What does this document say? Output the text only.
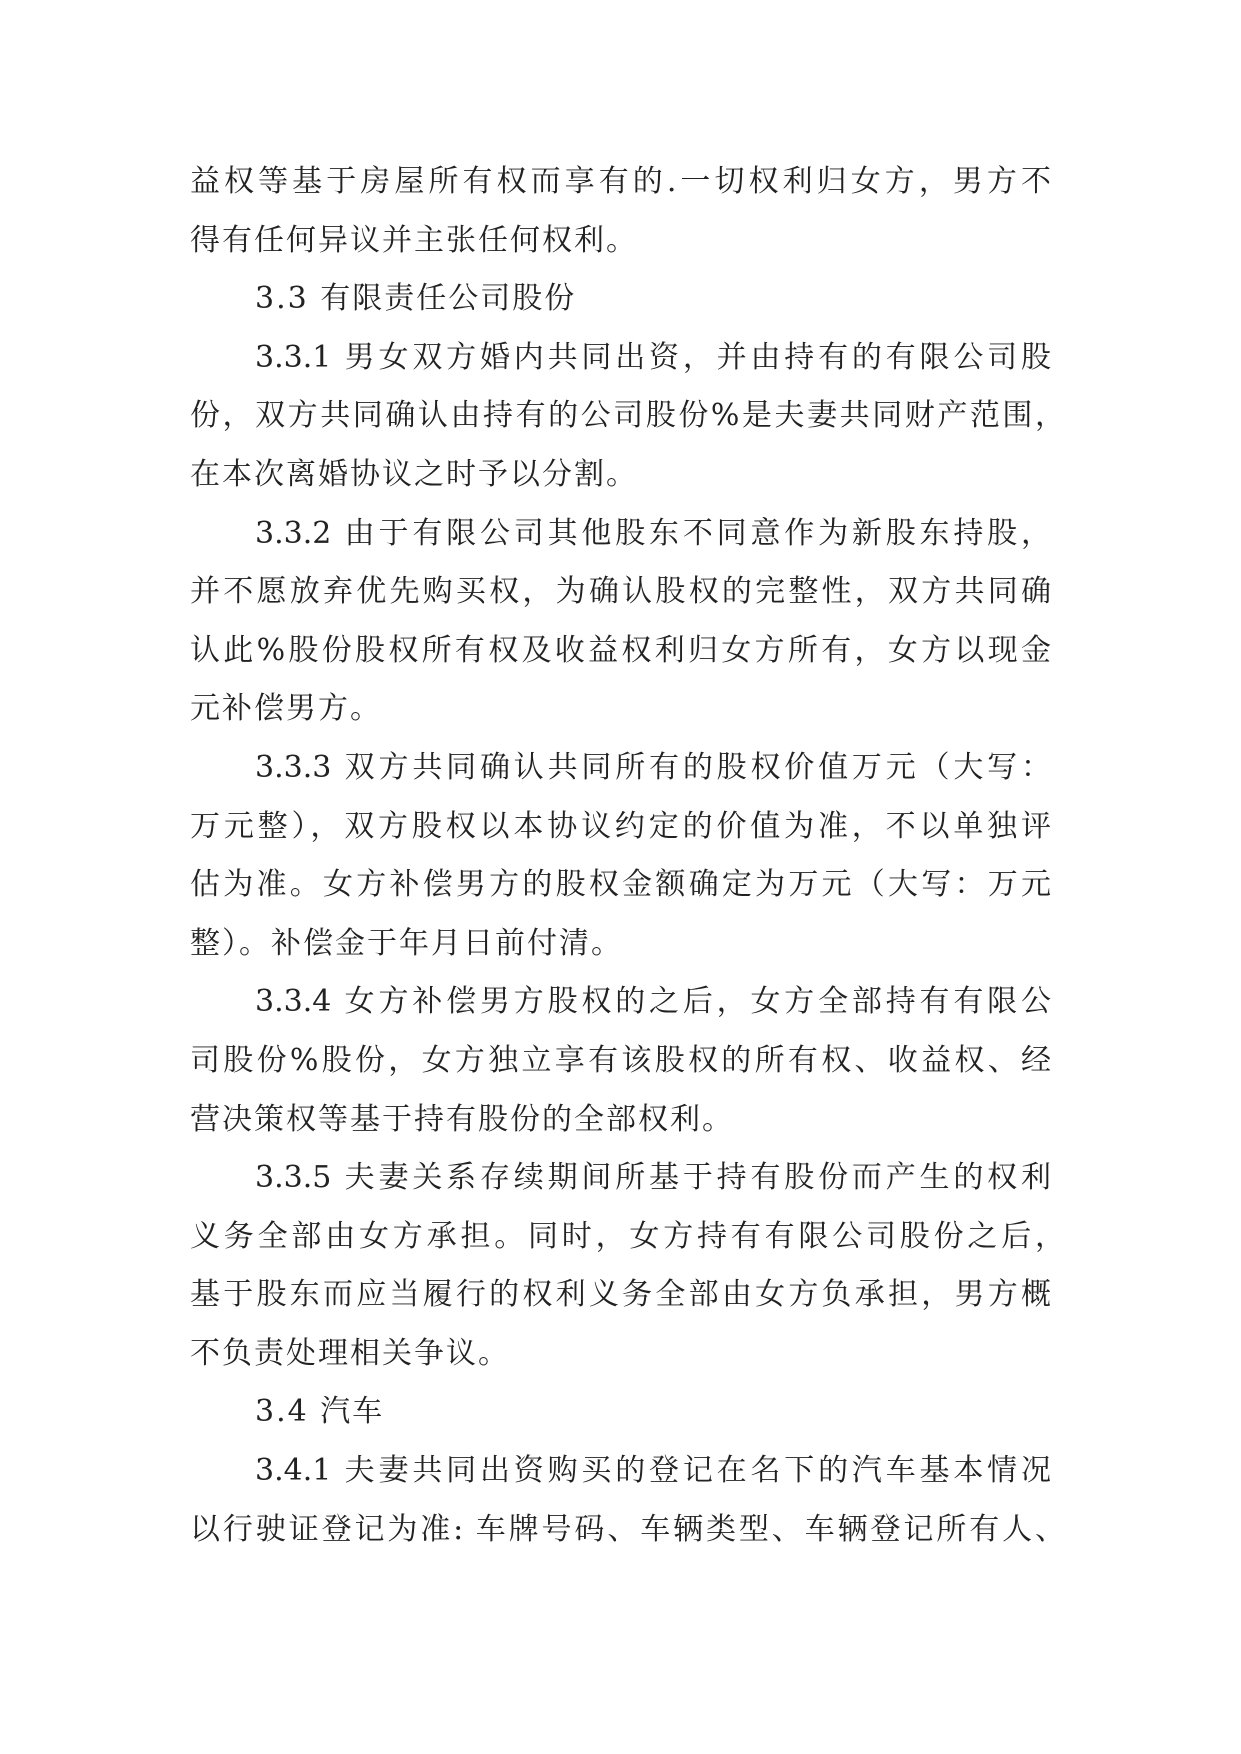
益权等基于房屋所有权而享有的.一切权利归女方，男方不
得有任何异议并主张任何权利。
3.3 有限责任公司股份
3.3.1 男女双方婚内共同出资，并由持有的有限公司股
份，双方共同确认由持有的公司股份%是夫妻共同财产范围，
在本次离婚协议之时予以分割。
3.3.2 由于有限公司其他股东不同意作为新股东持股，
并不愿放弃优先购买权，为确认股权的完整性，双方共同确
认此%股份股权所有权及收益权利归女方所有，女方以现金
元补偿男方。
3.3.3 双方共同确认共同所有的股权价值万元（大写：
万元整），双方股权以本协议约定的价值为准，不以单独评
估为准。女方补偿男方的股权金额确定为万元（大写：万元
整）。补偿金于年月日前付清。
3.3.4 女方补偿男方股权的之后，女方全部持有有限公
司股份%股份，女方独立享有该股权的所有权、收益权、经
营决策权等基于持有股份的全部权利。
3.3.5 夫妻关系存续期间所基于持有股份而产生的权利
义务全部由女方承担。同时，女方持有有限公司股份之后，
基于股东而应当履行的权利义务全部由女方负承担，男方概
不负责处理相关争议。
3.4 汽车
3.4.1 夫妻共同出资购买的登记在名下的汽车基本情况
以行驶证登记为准: 车牌号码、车辆类型、车辆登记所有人、
